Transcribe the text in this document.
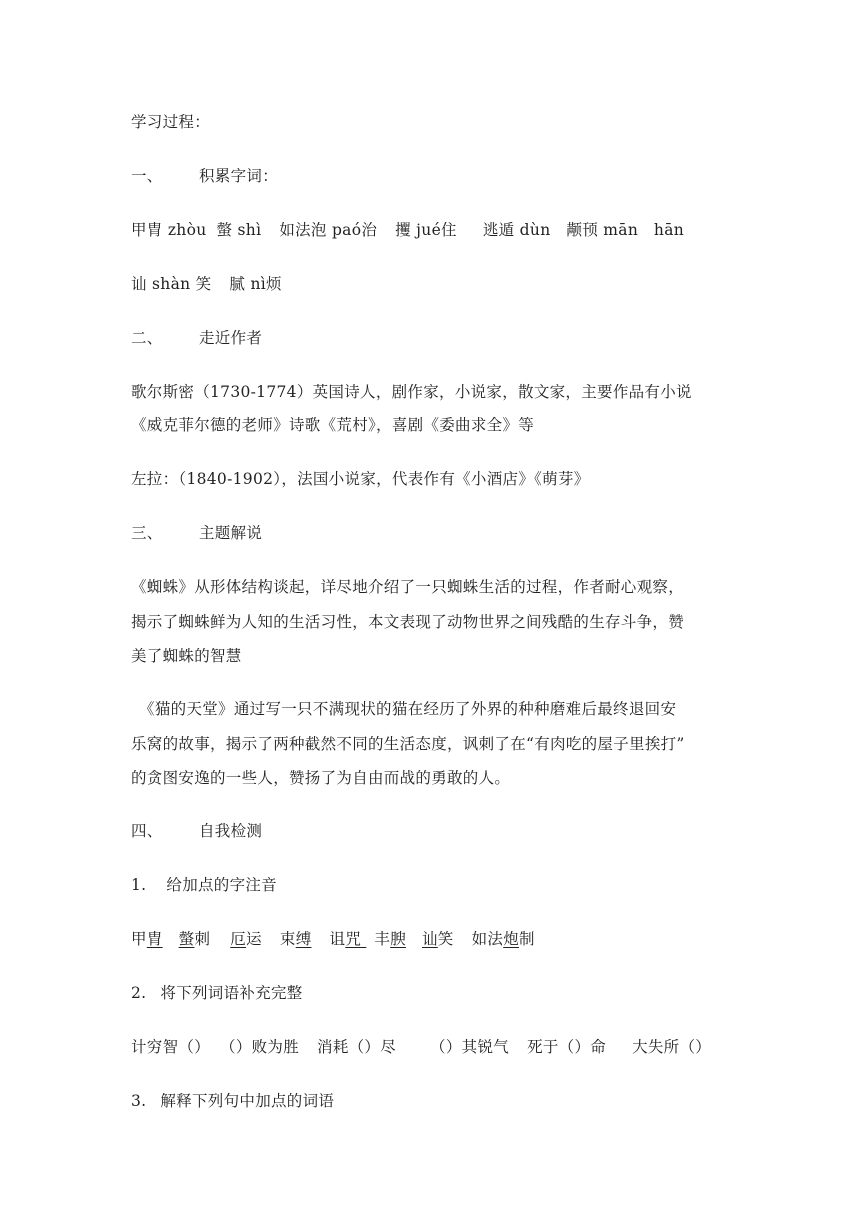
学习过程：
一、 积累字词：
甲胄 zhòu 螫 shì 如法泡 paó治 攫 jué住 逃遁 dùn 颟顸 mān　hān
讪 shàn 笑 腻 nì烦
二、 走近作者
歌尔斯密（1730-1774）英国诗人，剧作家，小说家，散文家，主要作品有小说
《威克菲尔德的老师》诗歌《荒村》，喜剧《委曲求全》等
左拉：（1840-1902），法国小说家，代表作有《小酒店》《萌芽》
三、 主题解说
《蜘蛛》从形体结构谈起，详尽地介绍了一只蜘蛛生活的过程，作者耐心观察，
揭示了蜘蛛鲜为人知的生活习性，本文表现了动物世界之间残酷的生存斗争，赞
美了蜘蛛的智慧
　《猫的天堂》通过写一只不满现状的猫在经历了外界的种种磨难后最终退回安
乐窝的故事，揭示了两种截然不同的生活态度，讽刺了在“有肉吃的屋子里挨打”
的贪图安逸的一些人，赞扬了为自由而战的勇敢的人。
四、 自我检测
1. 给加点的字注音
甲胄 螫刺 厄运 束缚 诅咒 丰腴 讪笑 如法炮制
2. 将下列词语补充完整
计穷智（） （）败为胜 消耗（）尽 （）其锐气 死于（）命 大失所（）
3. 解释下列句中加点的词语
